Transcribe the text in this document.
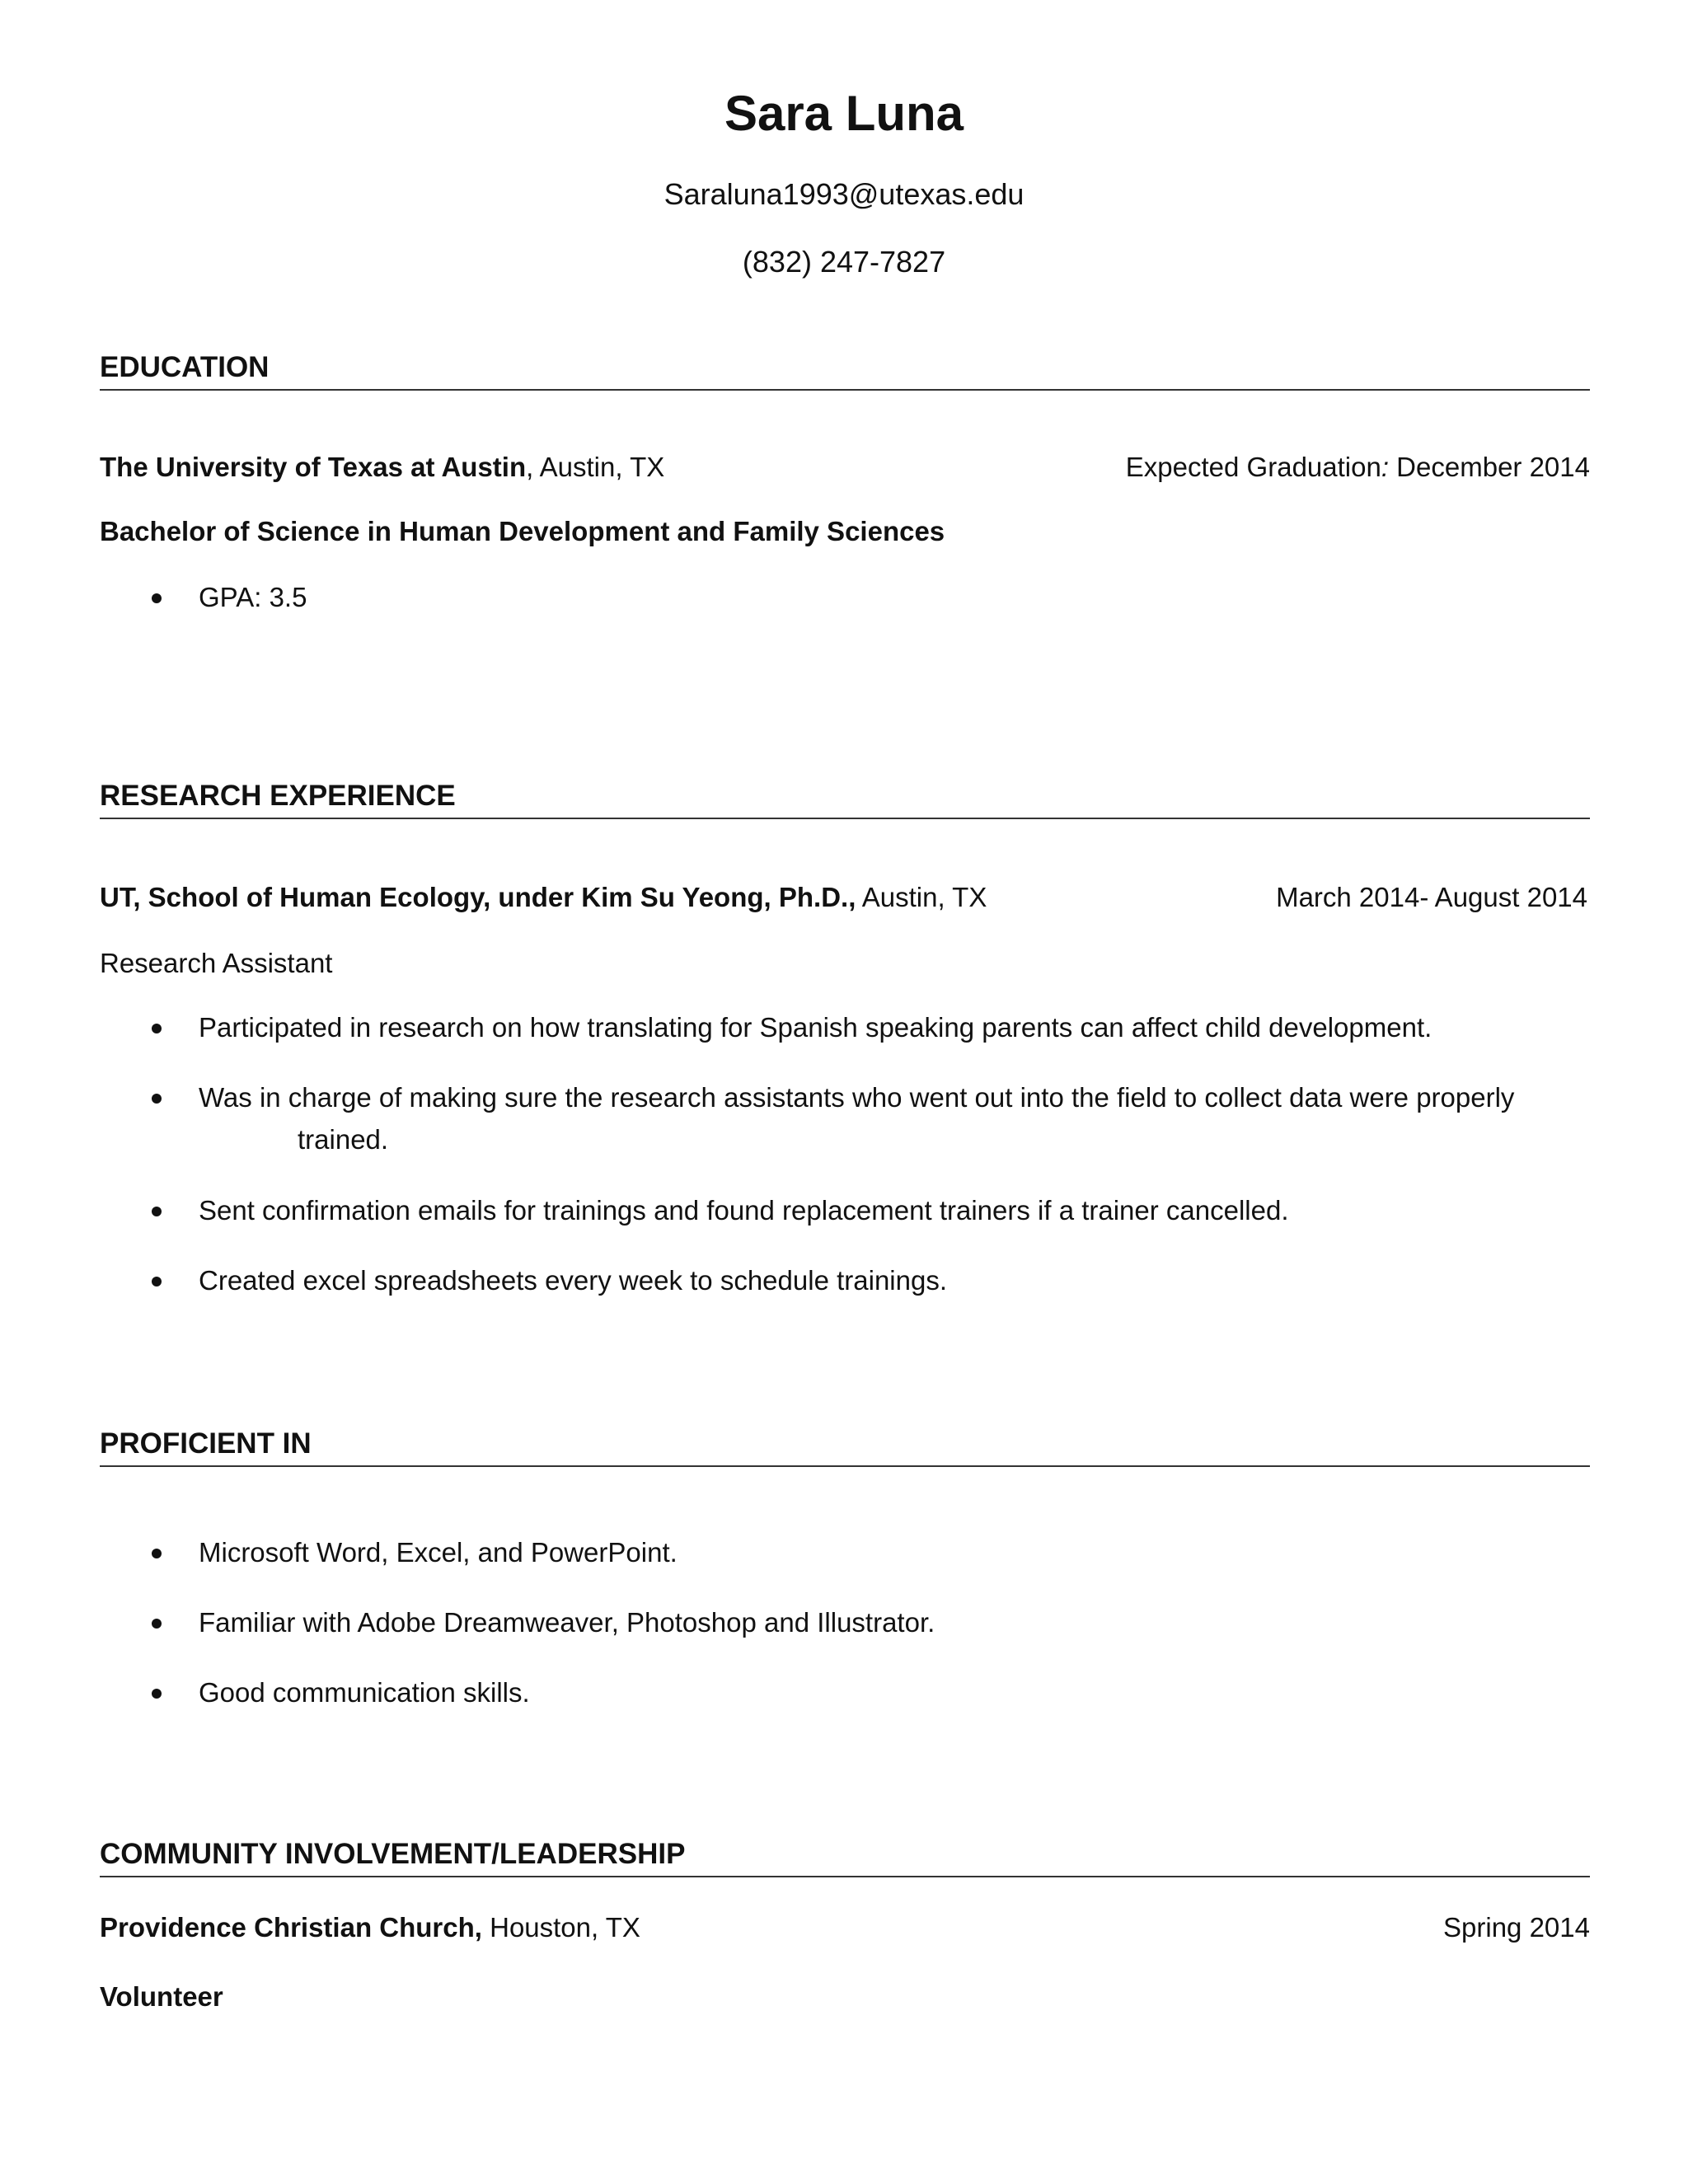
Sara Luna
Saraluna1993@utexas.edu
(832) 247-7827
EDUCATION
The University of Texas at Austin, Austin, TX	Expected Graduation: December 2014
Bachelor of Science in Human Development and Family Sciences
GPA: 3.5
RESEARCH EXPERIENCE
UT, School of Human Ecology, under Kim Su Yeong, Ph.D., Austin, TX	March 2014- August 2014
Research Assistant
Participated in research on how translating for Spanish speaking parents can affect child development.
Was in charge of making sure the research assistants who went out into the field to collect data were properly
trained.
Sent confirmation emails for trainings and found replacement trainers if a trainer cancelled.
Created excel spreadsheets every week to schedule trainings.
PROFICIENT IN
Microsoft Word, Excel, and PowerPoint.
Familiar with Adobe Dreamweaver, Photoshop and Illustrator.
Good communication skills.
COMMUNITY INVOLVEMENT/LEADERSHIP
Providence Christian Church, Houston, TX	Spring 2014
Volunteer
